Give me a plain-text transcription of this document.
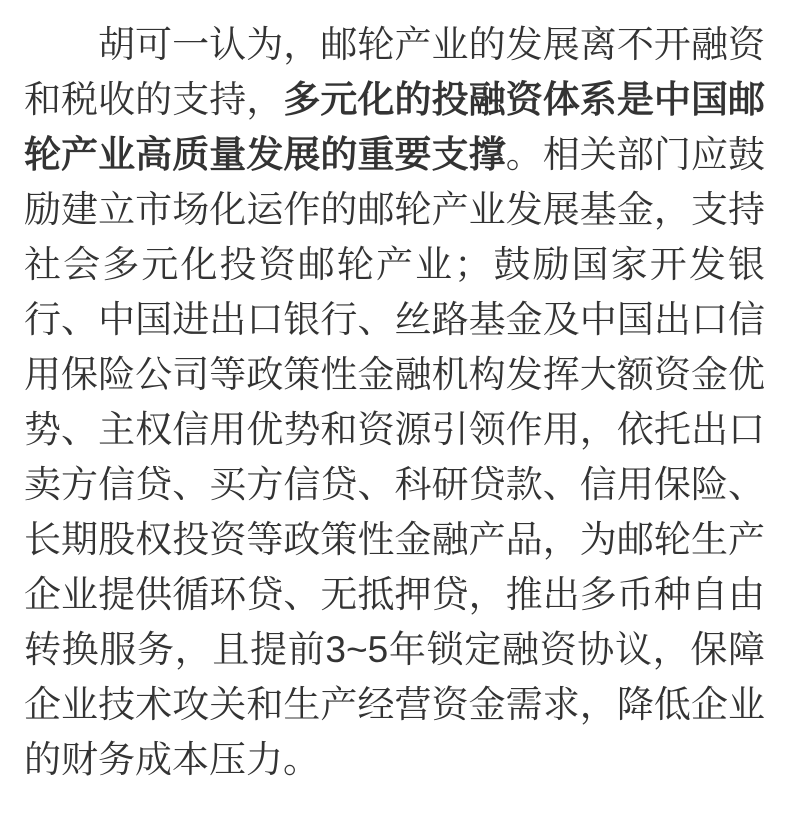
胡可一认为，邮轮产业的发展离不开融资和税收的支持，多元化的投融资体系是中国邮轮产业高质量发展的重要支撑。相关部门应鼓励建立市场化运作的邮轮产业发展基金，支持社会多元化投资邮轮产业；鼓励国家开发银行、中国进出口银行、丝路基金及中国出口信用保险公司等政策性金融机构发挥大额资金优势、主权信用优势和资源引领作用，依托出口卖方信贷、买方信贷、科研贷款、信用保险、长期股权投资等政策性金融产品，为邮轮生产企业提供循环贷、无抵押贷，推出多币种自由转换服务，且提前3~5年锁定融资协议，保障企业技术攻关和生产经营资金需求，降低企业的财务成本压力。
